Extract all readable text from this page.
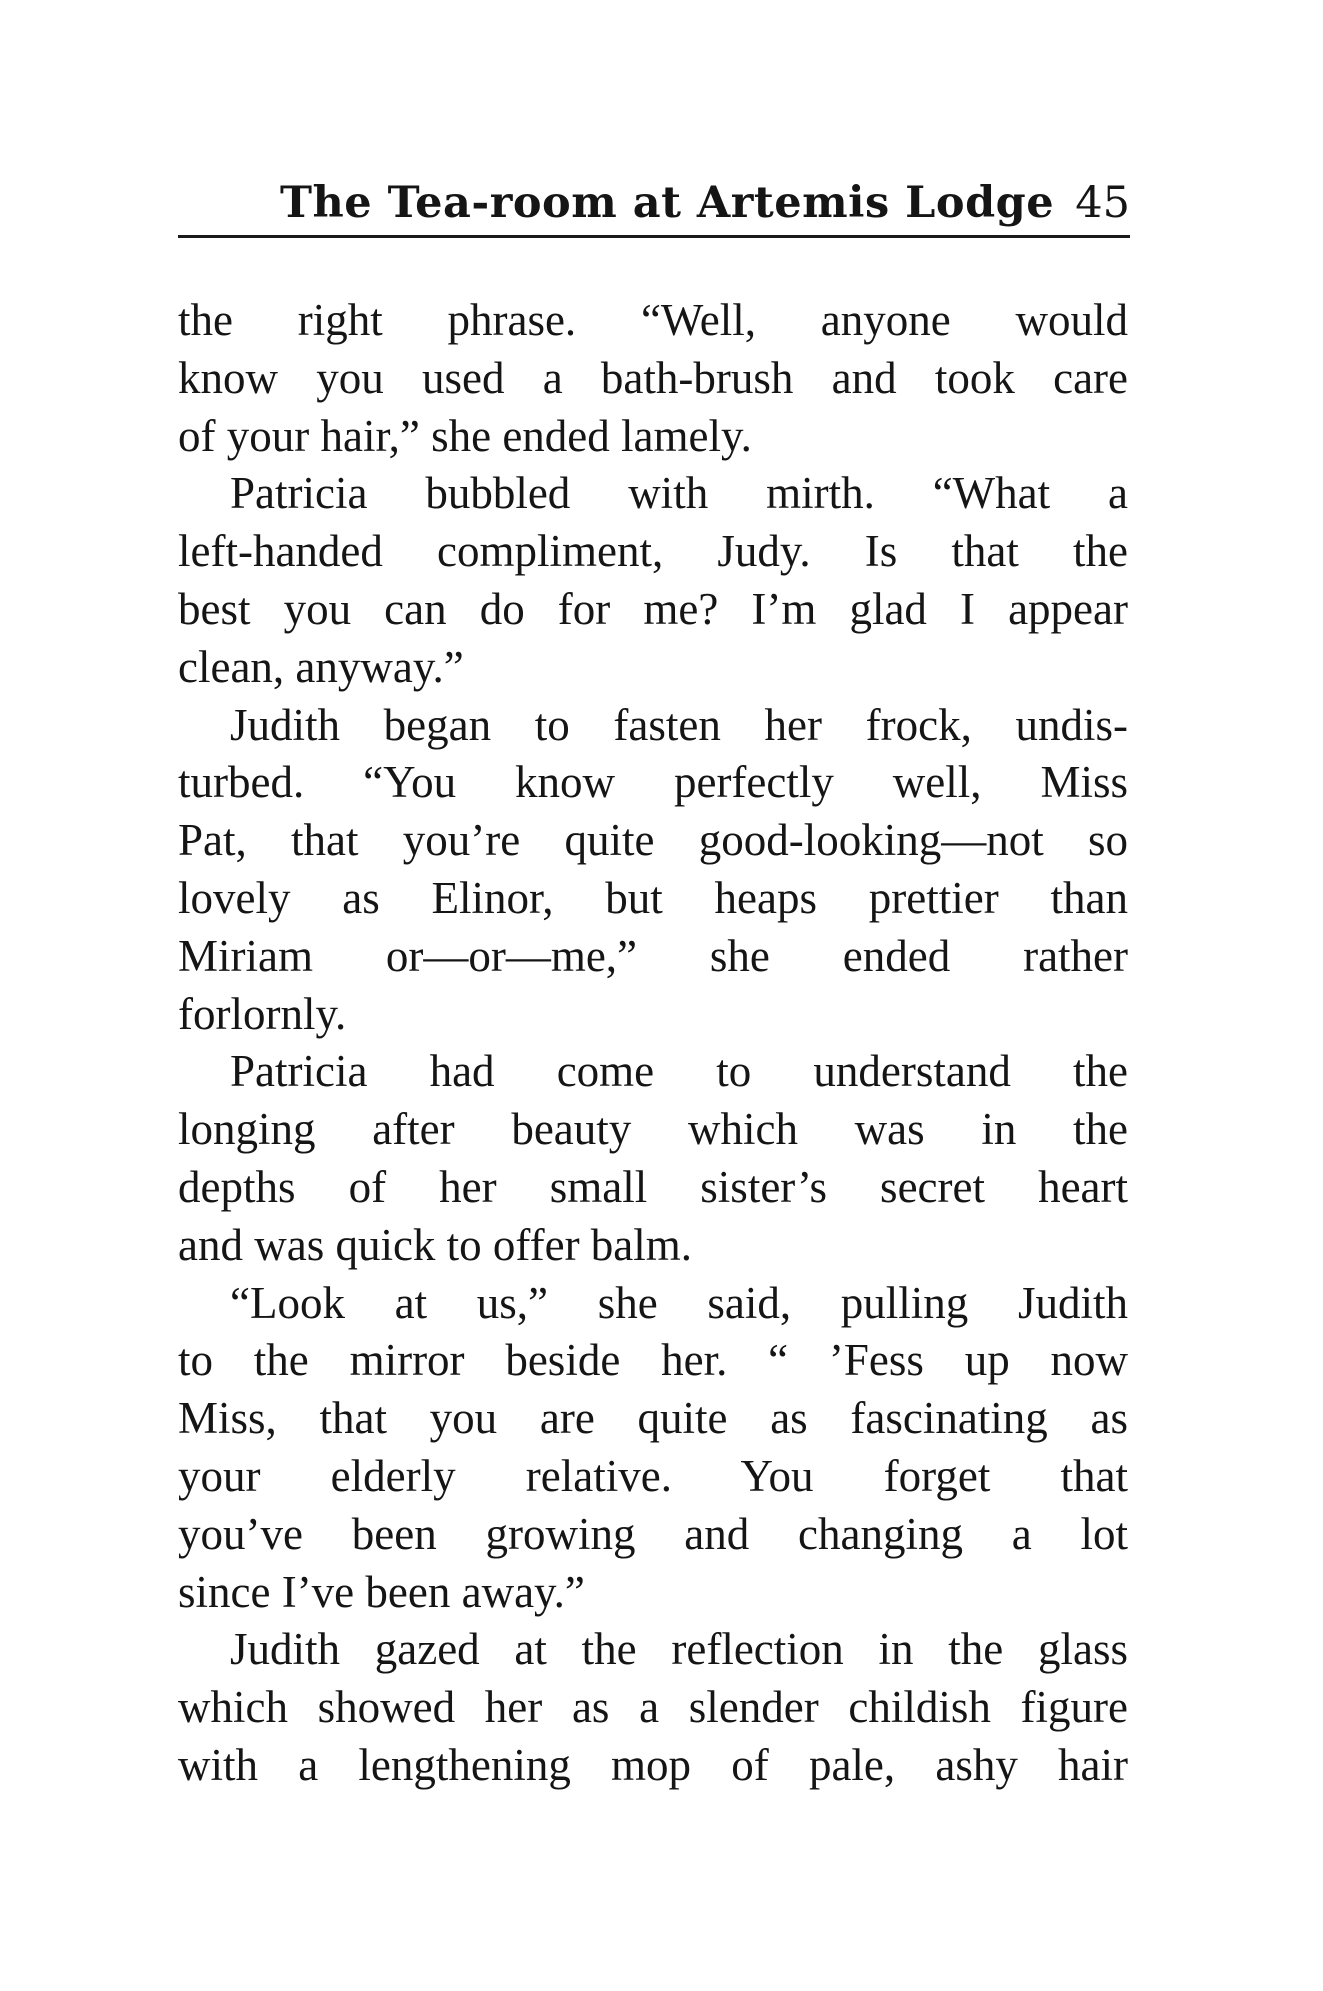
The Tea-room at Artemis Lodge 45
the right phrase. “Well, anyone would
know you used a bath-brush and took care
of your hair,” she ended lamely.
Patricia bubbled with mirth. “What a
left-handed compliment, Judy. Is that the
best you can do for me? I’m glad I appear
clean, anyway.”
Judith began to fasten her frock, undis-
turbed. “You know perfectly well, Miss
Pat, that you’re quite good-looking—not so
lovely as Elinor, but heaps prettier than
Miriam or—or—me,” she ended rather
forlornly.
Patricia had come to understand the
longing after beauty which was in the
depths of her small sister’s secret heart
and was quick to offer balm.
“Look at us,” she said, pulling Judith
to the mirror beside her. “ ’Fess up now
Miss, that you are quite as fascinating as
your elderly relative. You forget that
you’ve been growing and changing a lot
since I’ve been away.”
Judith gazed at the reflection in the glass
which showed her as a slender childish figure
with a lengthening mop of pale, ashy hair
